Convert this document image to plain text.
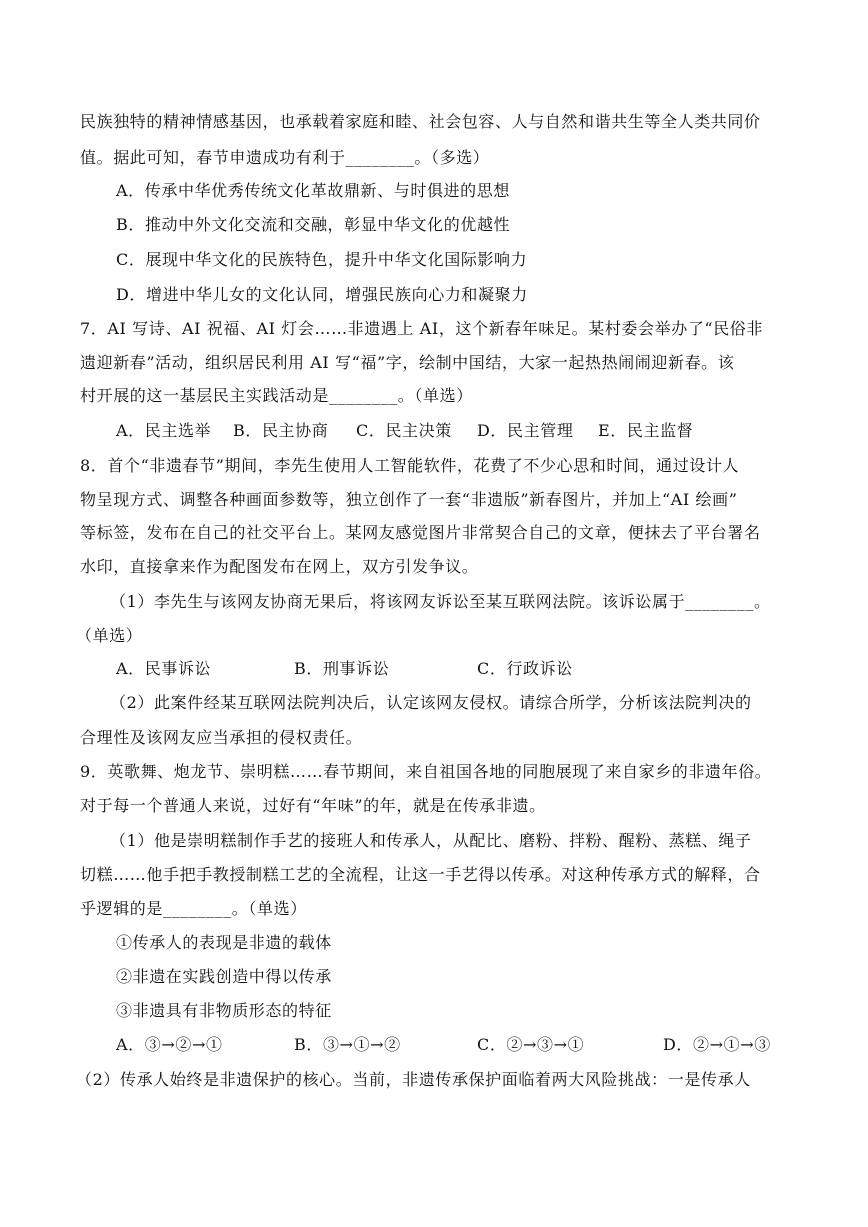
民族独特的精神情感基因，也承载着家庭和睦、社会包容、人与自然和谐共生等全人类共同价
值。据此可知，春节申遗成功有利于________。（多选）
A．传承中华优秀传统文化革故鼎新、与时俱进的思想
B．推动中外文化交流和交融，彰显中华文化的优越性
C．展现中华文化的民族特色，提升中华文化国际影响力
D．增进中华儿女的文化认同，增强民族向心力和凝聚力
7．AI 写诗、AI 祝福、AI 灯会……非遗遇上 AI，这个新春年味足。某村委会举办了“民俗非
遗迎新春”活动，组织居民利用 AI 写“福”字，绘制中国结，大家一起热热闹闹迎新春。该
村开展的这一基层民主实践活动是________。（单选）
A．民主选举 B．民主协商 C．民主决策 D．民主管理 E．民主监督
8．首个“非遗春节”期间，李先生使用人工智能软件，花费了不少心思和时间，通过设计人
物呈现方式、调整各种画面参数等，独立创作了一套“非遗版”新春图片，并加上“AI 绘画”
等标签，发布在自己的社交平台上。某网友感觉图片非常契合自己的文章，便抹去了平台署名
水印，直接拿来作为配图发布在网上，双方引发争议。
（1）李先生与该网友协商无果后，将该网友诉讼至某互联网法院。该诉讼属于________。
（单选）
A．民事诉讼	B．刑事诉讼	C．行政诉讼
（2）此案件经某互联网法院判决后，认定该网友侵权。请综合所学，分析该法院判决的
合理性及该网友应当承担的侵权责任。
9．英歌舞、炮龙节、崇明糕……春节期间，来自祖国各地的同胞展现了来自家乡的非遗年俗。
对于每一个普通人来说，过好有“年味”的年，就是在传承非遗。
（1）他是崇明糕制作手艺的接班人和传承人，从配比、磨粉、拌粉、醒粉、蒸糕、绳子
切糕……他手把手教授制糕工艺的全流程，让这一手艺得以传承。对这种传承方式的解释，合
乎逻辑的是________。（单选）
①传承人的表现是非遗的载体
②非遗在实践创造中得以传承
③非遗具有非物质形态的特征
A．③→②→①	B．③→①→②	C．②→③→①	D．②→①→③
（2）传承人始终是非遗保护的核心。当前，非遗传承保护面临着两大风险挑战：一是传承人
